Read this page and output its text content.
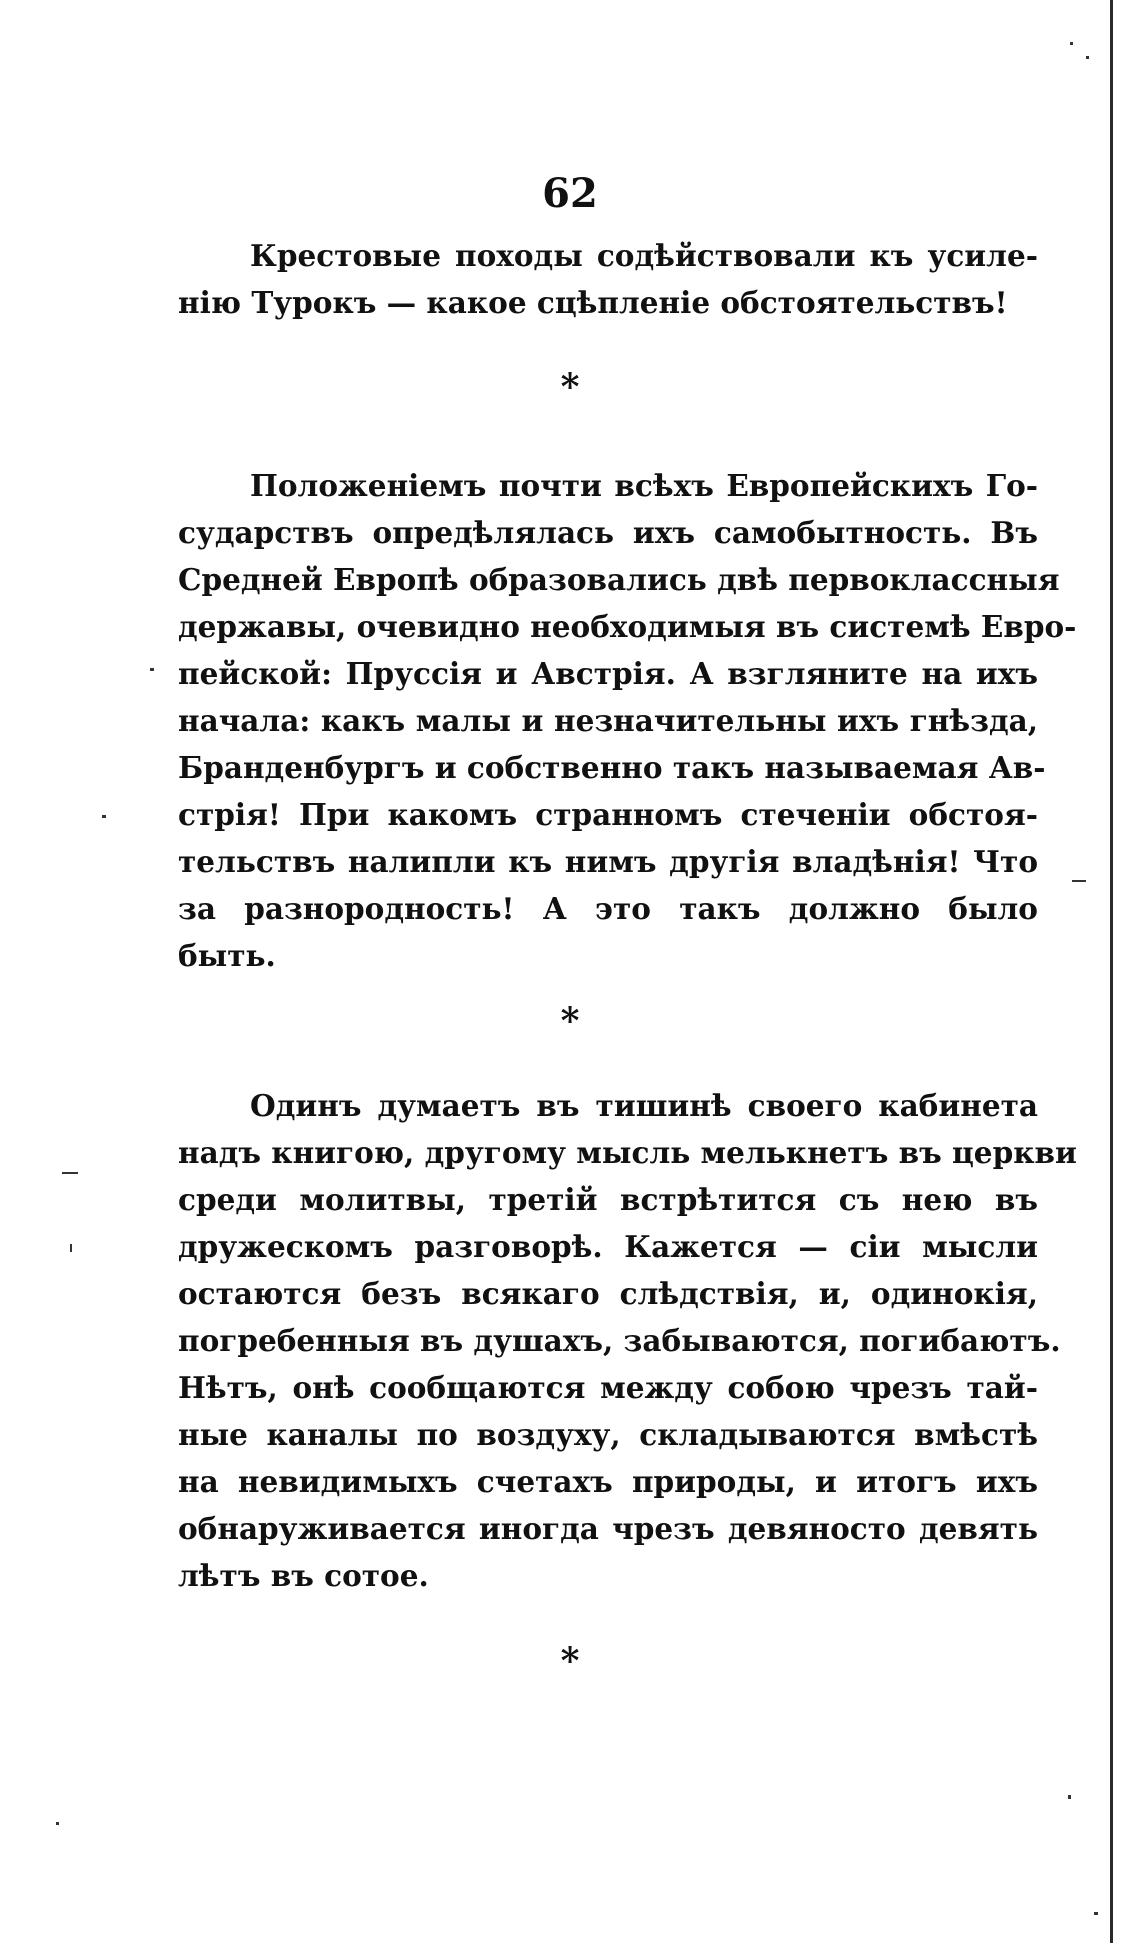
62
Крестовые походы содѣйствовали къ усиле-
нію Турокъ — какое сцѣпленіе обстоятельствъ!
*
Положеніемъ почти всѣхъ Европейскихъ Го-
сударствъ опредѣлялась ихъ самобытность. Въ
Средней Европѣ образовались двѣ первоклассныя
державы, очевидно необходимыя въ системѣ Евро-
пейской: Пруссія и Австрія. А взгляните на ихъ
начала: какъ малы и незначительны ихъ гнѣзда,
Бранденбургъ и собственно такъ называемая Ав-
стрія! При какомъ странномъ стеченіи обстоя-
тельствъ налипли къ нимъ другія владѣнія! Что
за разнородность! А это такъ должно было
быть.
*
Одинъ думаетъ въ тишинѣ своего кабинета
надъ книгою, другому мысль мелькнетъ въ церкви
среди молитвы, третій встрѣтится съ нею въ
дружескомъ разговорѣ. Кажется — сіи мысли
остаются безъ всякаго слѣдствія, и, одинокія,
погребенныя въ душахъ, забываются, погибаютъ.
Нѣтъ, онѣ сообщаются между собою чрезъ тай-
ные каналы по воздуху, складываются вмѣстѣ
на невидимыхъ счетахъ природы, и итогъ ихъ
обнаруживается иногда чрезъ девяносто девять
лѣтъ въ сотое.
*
